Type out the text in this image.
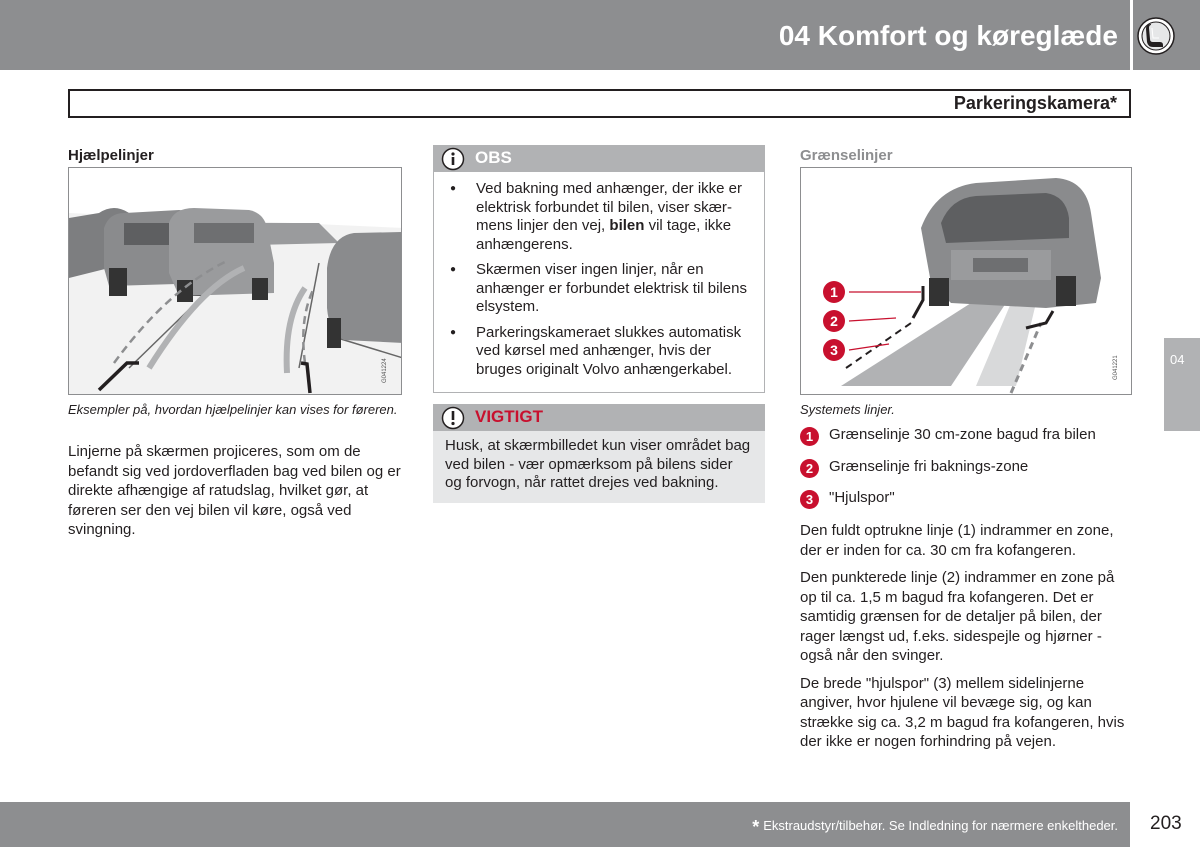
04 Komfort og køreglæde
Parkeringskamera*
Hjælpelinjer
G041224
Eksempler på, hvordan hjælpelinjer kan vises for føreren.
Linjerne på skærmen projiceres, som om de befandt sig ved jordoverfladen bag ved bilen og er direkte afhængige af ratudslag, hvilket gør, at føreren ser den vej bilen vil køre, også ved svingning.
OBS
● Ved bakning med anhænger, der ikke er elektrisk forbundet til bilen, viser skærmens linjer den vej, bilen vil tage, ikke anhængerens.
● Skærmen viser ingen linjer, når en anhænger er forbundet elektrisk til bilens elsystem.
● Parkeringskameraet slukkes automatisk ved kørsel med anhænger, hvis der bruges originalt Volvo anhængerkabel.
VIGTIGT
Husk, at skærmbilledet kun viser området bag ved bilen - vær opmærksom på bilens sider og forvogn, når rattet drejes ved bakning.
Grænselinjer
1
2
3
G041221
Systemets linjer.
1	Grænselinje 30 cm-zone bagud fra bilen
2	Grænselinje fri baknings-zone
3	"Hjulspor"

Den fuldt optrukne linje (1) indrammer en zone, der er inden for ca. 30 cm fra kofangeren.

Den punkterede linje (2) indrammer en zone på op til ca. 1,5 m bagud fra kofangeren. Det er samtidig grænsen for de detaljer på bilen, der rager længst ud, f.eks. sidespejle og hjørner - også når den svinger.

De brede "hjulspor" (3) mellem sidelinjerne angiver, hvor hjulene vil bevæge sig, og kan strække sig ca. 3,2 m bagud fra kofangeren, hvis der ikke er nogen forhindring på vejen.

04
* Ekstraudstyr/tilbehør. Se Indledning for nærmere enkeltheder. 203
